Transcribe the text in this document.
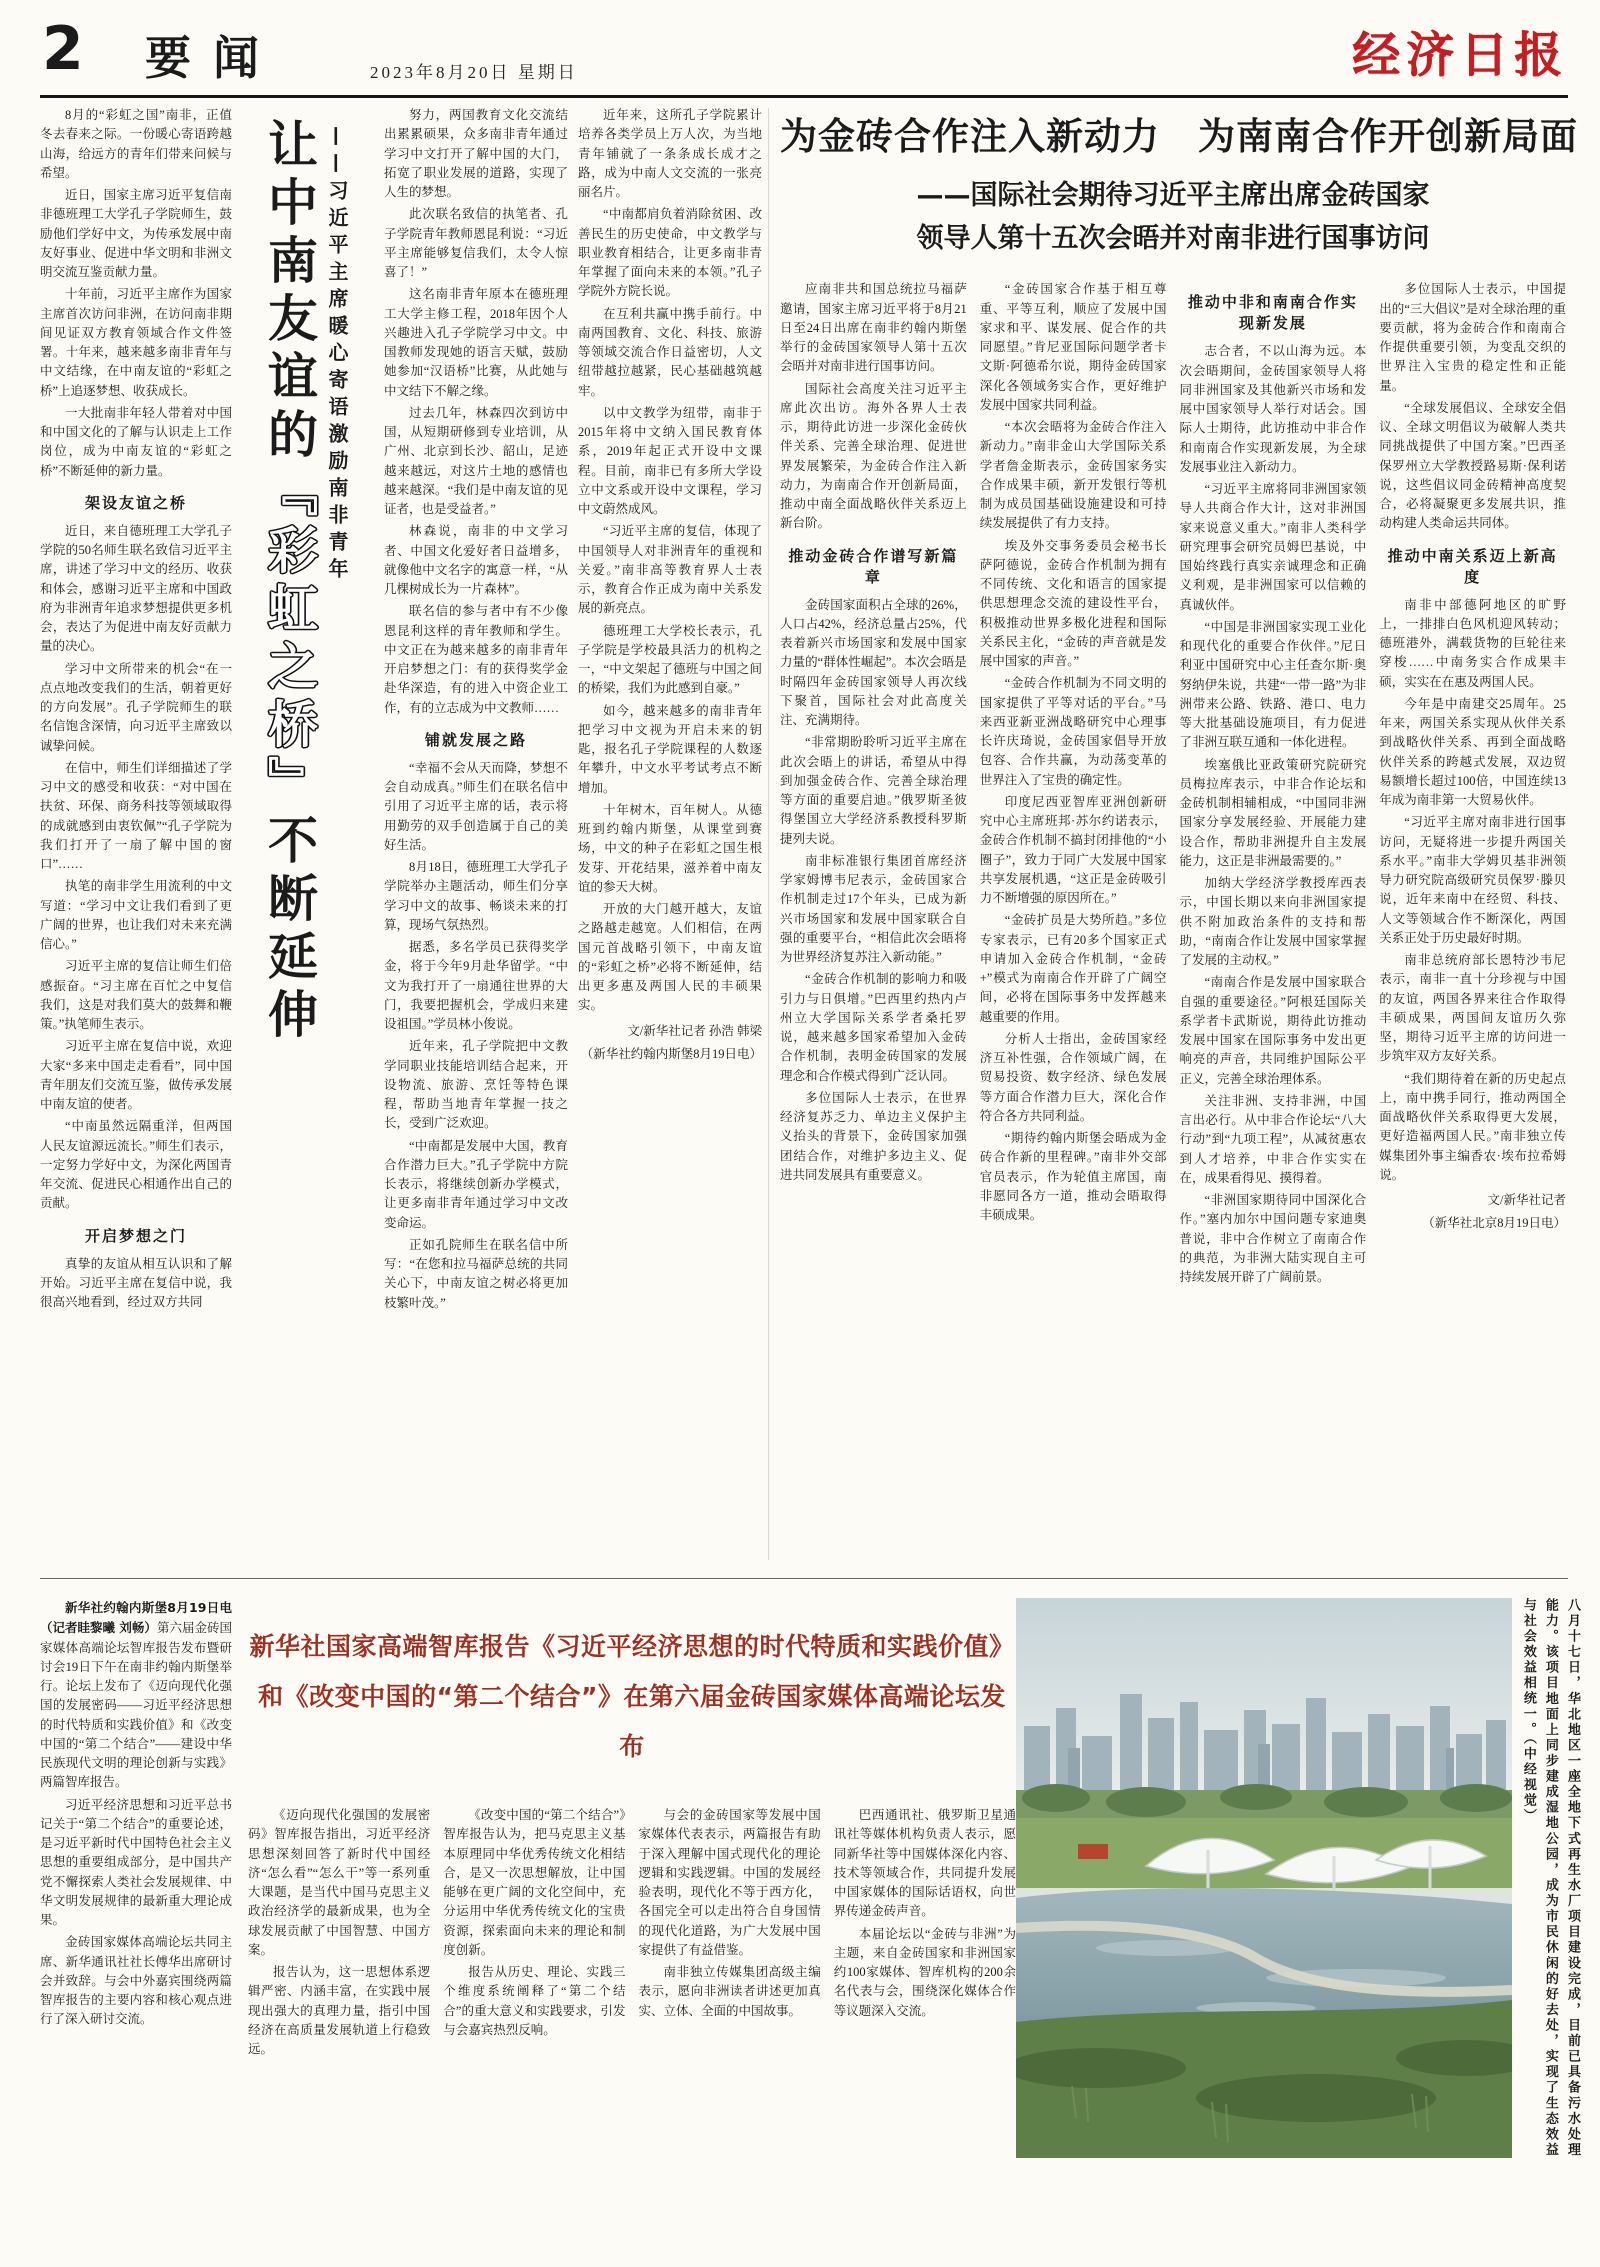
2 要闻	2023年8月20日 星期日	经济日报

8月的“彩虹之国”南非，正值冬去春来之际。一份暖心寄语跨越山海，给远方的青年们带来问候与希望。

近日，国家主席习近平复信南非德班理工大学孔子学院师生，鼓励他们学好中文，为传承发展中南友好事业、促进中华文明和非洲文明交流互鉴贡献力量。

十年前，习近平主席作为国家主席首次访问非洲，在访问南非期间见证双方教育领域合作文件签署。十年来，越来越多南非青年与中文结缘，在中南友谊的“彩虹之桥”上追逐梦想、收获成长。

一大批南非年轻人带着对中国和中国文化的了解与认识走上工作岗位，成为中南友谊的“彩虹之桥”不断延伸的新力量。

架设友谊之桥

近日，来自德班理工大学孔子学院的50名师生联名致信习近平主席，讲述了学习中文的经历、收获和体会，感谢习近平主席和中国政府为非洲青年追求梦想提供更多机会，表达了为促进中南友好贡献力量的决心。

学习中文所带来的机会“在一点点地改变我们的生活，朝着更好的方向发展”。孔子学院师生的联名信饱含深情，向习近平主席致以诚挚问候。

在信中，师生们详细描述了学习中文的感受和收获：“对中国在扶贫、环保、商务科技等领域取得的成就感到由衷钦佩”“孔子学院为我们打开了一扇了解中国的窗口”……

执笔的南非学生用流利的中文写道：“学习中文让我们看到了更广阔的世界，也让我们对未来充满信心。”

习近平主席的复信让师生们倍感振奋。“习主席在百忙之中复信我们，这是对我们莫大的鼓舞和鞭策。”执笔师生表示。

习近平主席在复信中说，欢迎大家“多来中国走走看看”，同中国青年朋友们交流互鉴，做传承发展中南友谊的使者。

“中南虽然远隔重洋，但两国人民友谊源远流长。”师生们表示，一定努力学好中文，为深化两国青年交流、促进民心相通作出自己的贡献。

开启梦想之门

真挚的友谊从相互认识和了解开始。习近平主席在复信中说，我很高兴地看到，经过双方共同

让中南友谊的『彩虹之桥』不断延伸
——习近平主席暖心寄语激励南非青年

努力，两国教育文化交流结出累累硕果，众多南非青年通过学习中文打开了解中国的大门，拓宽了职业发展的道路，实现了人生的梦想。

此次联名致信的执笔者、孔子学院青年教师恩昆利说：“习近平主席能够复信我们，太令人惊喜了！”

这名南非青年原本在德班理工大学主修工程，2018年因个人兴趣进入孔子学院学习中文。中国教师发现她的语言天赋，鼓励她参加“汉语桥”比赛，从此她与中文结下不解之缘。

过去几年，林森四次到访中国，从短期研修到专业培训，从广州、北京到长沙、韶山，足迹越来越远，对这片土地的感情也越来越深。“我们是中南友谊的见证者，也是受益者。”

林森说，南非的中文学习者、中国文化爱好者日益增多，就像他中文名字的寓意一样，“从几棵树成长为一片森林”。

联名信的参与者中有不少像恩昆利这样的青年教师和学生。中文正在为越来越多的南非青年开启梦想之门：有的获得奖学金赴华深造，有的进入中资企业工作，有的立志成为中文教师……

铺就发展之路

“幸福不会从天而降，梦想不会自动成真。”师生们在联名信中引用了习近平主席的话，表示将用勤劳的双手创造属于自己的美好生活。

8月18日，德班理工大学孔子学院举办主题活动，师生们分享学习中文的故事、畅谈未来的打算，现场气氛热烈。

据悉，多名学员已获得奖学金，将于今年9月赴华留学。“中文为我打开了一扇通往世界的大门，我要把握机会，学成归来建设祖国。”学员林小俊说。

近年来，孔子学院把中文教学同职业技能培训结合起来，开设物流、旅游、烹饪等特色课程，帮助当地青年掌握一技之长，受到广泛欢迎。

“中南都是发展中大国，教育合作潜力巨大。”孔子学院中方院长表示，将继续创新办学模式，让更多南非青年通过学习中文改变命运。

正如孔院师生在联名信中所写：“在您和拉马福萨总统的共同关心下，中南友谊之树必将更加枝繁叶茂。”

近年来，这所孔子学院累计培养各类学员上万人次，为当地青年铺就了一条条成长成才之路，成为中南人文交流的一张亮丽名片。

“中南都肩负着消除贫困、改善民生的历史使命，中文教学与职业教育相结合，让更多南非青年掌握了面向未来的本领。”孔子学院外方院长说。

在互利共赢中携手前行。中南两国教育、文化、科技、旅游等领域交流合作日益密切，人文纽带越拉越紧，民心基础越筑越牢。

以中文教学为纽带，南非于2015年将中文纳入国民教育体系，2019年起正式开设中文课程。目前，南非已有多所大学设立中文系或开设中文课程，学习中文蔚然成风。

“习近平主席的复信，体现了中国领导人对非洲青年的重视和关爱。”南非高等教育界人士表示，教育合作正成为南中关系发展的新亮点。

德班理工大学校长表示，孔子学院是学校最具活力的机构之一，“中文架起了德班与中国之间的桥梁，我们为此感到自豪。”

如今，越来越多的南非青年把学习中文视为开启未来的钥匙，报名孔子学院课程的人数逐年攀升，中文水平考试考点不断增加。

十年树木，百年树人。从德班到约翰内斯堡，从课堂到赛场，中文的种子在彩虹之国生根发芽、开花结果，滋养着中南友谊的参天大树。

开放的大门越开越大，友谊之路越走越宽。人们相信，在两国元首战略引领下，中南友谊的“彩虹之桥”必将不断延伸，结出更多惠及两国人民的丰硕果实。

文/新华社记者 孙浩 韩梁

（新华社约翰内斯堡8月19日电）

为金砖合作注入新动力　为南南合作开创新局面
——国际社会期待习近平主席出席金砖国家
领导人第十五次会晤并对南非进行国事访问

应南非共和国总统拉马福萨邀请，国家主席习近平将于8月21日至24日出席在南非约翰内斯堡举行的金砖国家领导人第十五次会晤并对南非进行国事访问。

国际社会高度关注习近平主席此次出访。海外各界人士表示，期待此访进一步深化金砖伙伴关系、完善全球治理、促进世界发展繁荣，为金砖合作注入新动力，为南南合作开创新局面，推动中南全面战略伙伴关系迈上新台阶。

推动金砖合作谱写新篇章

金砖国家面积占全球的26%，人口占42%，经济总量占25%，代表着新兴市场国家和发展中国家力量的“群体性崛起”。本次会晤是时隔四年金砖国家领导人再次线下聚首，国际社会对此高度关注、充满期待。

“非常期盼聆听习近平主席在此次会晤上的讲话，希望从中得到加强金砖合作、完善全球治理等方面的重要启迪。”俄罗斯圣彼得堡国立大学经济系教授科罗斯捷列夫说。

南非标准银行集团首席经济学家姆博韦尼表示，金砖国家合作机制走过17个年头，已成为新兴市场国家和发展中国家联合自强的重要平台，“相信此次会晤将为世界经济复苏注入新动能。”

“金砖合作机制的影响力和吸引力与日俱增。”巴西里约热内卢州立大学国际关系学者桑托罗说，越来越多国家希望加入金砖合作机制，表明金砖国家的发展理念和合作模式得到广泛认同。

多位国际人士表示，在世界经济复苏乏力、单边主义保护主义抬头的背景下，金砖国家加强团结合作，对维护多边主义、促进共同发展具有重要意义。

“金砖国家合作基于相互尊重、平等互利，顺应了发展中国家求和平、谋发展、促合作的共同愿望。”肯尼亚国际问题学者卡文斯·阿德希尔说，期待金砖国家深化各领域务实合作，更好维护发展中国家共同利益。

“本次会晤将为金砖合作注入新动力。”南非金山大学国际关系学者詹金斯表示，金砖国家务实合作成果丰硕，新开发银行等机制为成员国基础设施建设和可持续发展提供了有力支持。

埃及外交事务委员会秘书长萨阿德说，金砖合作机制为拥有不同传统、文化和语言的国家提供思想理念交流的建设性平台，积极推动世界多极化进程和国际关系民主化，“金砖的声音就是发展中国家的声音。”

“金砖合作机制为不同文明的国家提供了平等对话的平台。”马来西亚新亚洲战略研究中心理事长许庆琦说，金砖国家倡导开放包容、合作共赢，为动荡变革的世界注入了宝贵的确定性。

印度尼西亚智库亚洲创新研究中心主席班邦·苏尔约诺表示，金砖合作机制不搞封闭排他的“小圈子”，致力于同广大发展中国家共享发展机遇，“这正是金砖吸引力不断增强的原因所在。”

“金砖扩员是大势所趋。”多位专家表示，已有20多个国家正式申请加入金砖合作机制，“金砖+”模式为南南合作开辟了广阔空间，必将在国际事务中发挥越来越重要的作用。

分析人士指出，金砖国家经济互补性强，合作领域广阔，在贸易投资、数字经济、绿色发展等方面合作潜力巨大，深化合作符合各方共同利益。

“期待约翰内斯堡会晤成为金砖合作新的里程碑。”南非外交部官员表示，作为轮值主席国，南非愿同各方一道，推动会晤取得丰硕成果。

推动中非和南南合作实现新发展

志合者，不以山海为远。本次会晤期间，金砖国家领导人将同非洲国家及其他新兴市场和发展中国家领导人举行对话会。国际人士期待，此访推动中非合作和南南合作实现新发展，为全球发展事业注入新动力。

“习近平主席将同非洲国家领导人共商合作大计，这对非洲国家来说意义重大。”南非人类科学研究理事会研究员姆巴基说，中国始终践行真实亲诚理念和正确义利观，是非洲国家可以信赖的真诚伙伴。

“中国是非洲国家实现工业化和现代化的重要合作伙伴。”尼日利亚中国研究中心主任查尔斯·奥努纳伊朱说，共建“一带一路”为非洲带来公路、铁路、港口、电力等大批基础设施项目，有力促进了非洲互联互通和一体化进程。

埃塞俄比亚政策研究院研究员梅拉库表示，中非合作论坛和金砖机制相辅相成，“中国同非洲国家分享发展经验、开展能力建设合作，帮助非洲提升自主发展能力，这正是非洲最需要的。”

加纳大学经济学教授库西表示，中国长期以来向非洲国家提供不附加政治条件的支持和帮助，“南南合作让发展中国家掌握了发展的主动权。”

“南南合作是发展中国家联合自强的重要途径。”阿根廷国际关系学者卡武斯说，期待此访推动发展中国家在国际事务中发出更响亮的声音，共同维护国际公平正义，完善全球治理体系。

关注非洲、支持非洲，中国言出必行。从中非合作论坛“八大行动”到“九项工程”，从减贫惠农到人才培养，中非合作实实在在，成果看得见、摸得着。

“非洲国家期待同中国深化合作。”塞内加尔中国问题专家迪奥普说，非中合作树立了南南合作的典范，为非洲大陆实现自主可持续发展开辟了广阔前景。

多位国际人士表示，中国提出的“三大倡议”是对全球治理的重要贡献，将为金砖合作和南南合作提供重要引领，为变乱交织的世界注入宝贵的稳定性和正能量。

“全球发展倡议、全球安全倡议、全球文明倡议为破解人类共同挑战提供了中国方案。”巴西圣保罗州立大学教授路易斯·保利诺说，这些倡议同金砖精神高度契合，必将凝聚更多发展共识，推动构建人类命运共同体。

推动中南关系迈上新高度

南非中部德阿地区的旷野上，一排排白色风机迎风转动；德班港外，满载货物的巨轮往来穿梭……中南务实合作成果丰硕，实实在在惠及两国人民。

今年是中南建交25周年。25年来，两国关系实现从伙伴关系到战略伙伴关系、再到全面战略伙伴关系的跨越式发展，双边贸易额增长超过100倍，中国连续13年成为南非第一大贸易伙伴。

“习近平主席对南非进行国事访问，无疑将进一步提升两国关系水平。”南非大学姆贝基非洲领导力研究院高级研究员保罗·滕贝说，近年来南中在经贸、科技、人文等领域合作不断深化，两国关系正处于历史最好时期。

南非总统府部长恩特沙韦尼表示，南非一直十分珍视与中国的友谊，两国各界来往合作取得丰硕成果，两国间友谊历久弥坚，期待习近平主席的访问进一步筑牢双方友好关系。

“我们期待着在新的历史起点上，南中携手同行，推动两国全面战略伙伴关系取得更大发展，更好造福两国人民。”南非独立传媒集团外事主编香农·埃布拉希姆说。

文/新华社记者

（新华社北京8月19日电）

新华社约翰内斯堡8月19日电（记者眭黎曦 刘畅）第六届金砖国家媒体高端论坛智库报告发布暨研讨会19日下午在南非约翰内斯堡举行。论坛上发布了《迈向现代化强国的发展密码——习近平经济思想的时代特质和实践价值》和《改变中国的“第二个结合”——建设中华民族现代文明的理论创新与实践》两篇智库报告。

习近平经济思想和习近平总书记关于“第二个结合”的重要论述，是习近平新时代中国特色社会主义思想的重要组成部分，是中国共产党不懈探索人类社会发展规律、中华文明发展规律的最新重大理论成果。

金砖国家媒体高端论坛共同主席、新华通讯社社长傅华出席研讨会并致辞。与会中外嘉宾围绕两篇智库报告的主要内容和核心观点进行了深入研讨交流。

新华社国家高端智库报告《习近平经济思想的时代特质和实践价值》
和《改变中国的“第二个结合”》在第六届金砖国家媒体高端论坛发布

《迈向现代化强国的发展密码》智库报告指出，习近平经济思想深刻回答了新时代中国经济“怎么看”“怎么干”等一系列重大课题，是当代中国马克思主义政治经济学的最新成果，也为全球发展贡献了中国智慧、中国方案。

报告认为，这一思想体系逻辑严密、内涵丰富，在实践中展现出强大的真理力量，指引中国经济在高质量发展轨道上行稳致远。

《改变中国的“第二个结合”》智库报告认为，把马克思主义基本原理同中华优秀传统文化相结合，是又一次思想解放，让中国能够在更广阔的文化空间中，充分运用中华优秀传统文化的宝贵资源，探索面向未来的理论和制度创新。

报告从历史、理论、实践三个维度系统阐释了“第二个结合”的重大意义和实践要求，引发与会嘉宾热烈反响。

与会的金砖国家等发展中国家媒体代表表示，两篇报告有助于深入理解中国式现代化的理论逻辑和实践逻辑。中国的发展经验表明，现代化不等于西方化，各国完全可以走出符合自身国情的现代化道路，为广大发展中国家提供了有益借鉴。

南非独立传媒集团高级主编表示，愿向非洲读者讲述更加真实、立体、全面的中国故事。

巴西通讯社、俄罗斯卫星通讯社等媒体机构负责人表示，愿同新华社等中国媒体深化内容、技术等领域合作，共同提升发展中国家媒体的国际话语权，向世界传递金砖声音。

本届论坛以“金砖与非洲”为主题，来自金砖国家和非洲国家约100家媒体、智库机构的200余名代表与会，围绕深化媒体合作等议题深入交流。	八月十七日，华北地区一座全地下式再生水厂项目建设完成，目前已具备污水处理能力。该项目地面上同步建成湿地公园，成为市民休闲的好去处，实现了生态效益与社会效益相统一。（中经视觉）
